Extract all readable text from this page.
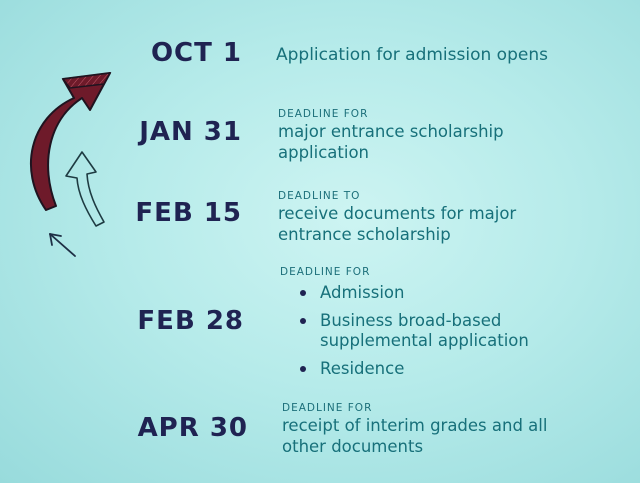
OCT 1 Application for admission opens
JAN 31
DEADLINE FOR
major entrance scholarship
application
FEB 15
DEADLINE TO
receive documents for major
entrance scholarship
FEB 28
DEADLINE FOR
Admission
Business broad-based
supplemental application
Residence
APR 30
DEADLINE FOR
receipt of interim grades and all
other documents
